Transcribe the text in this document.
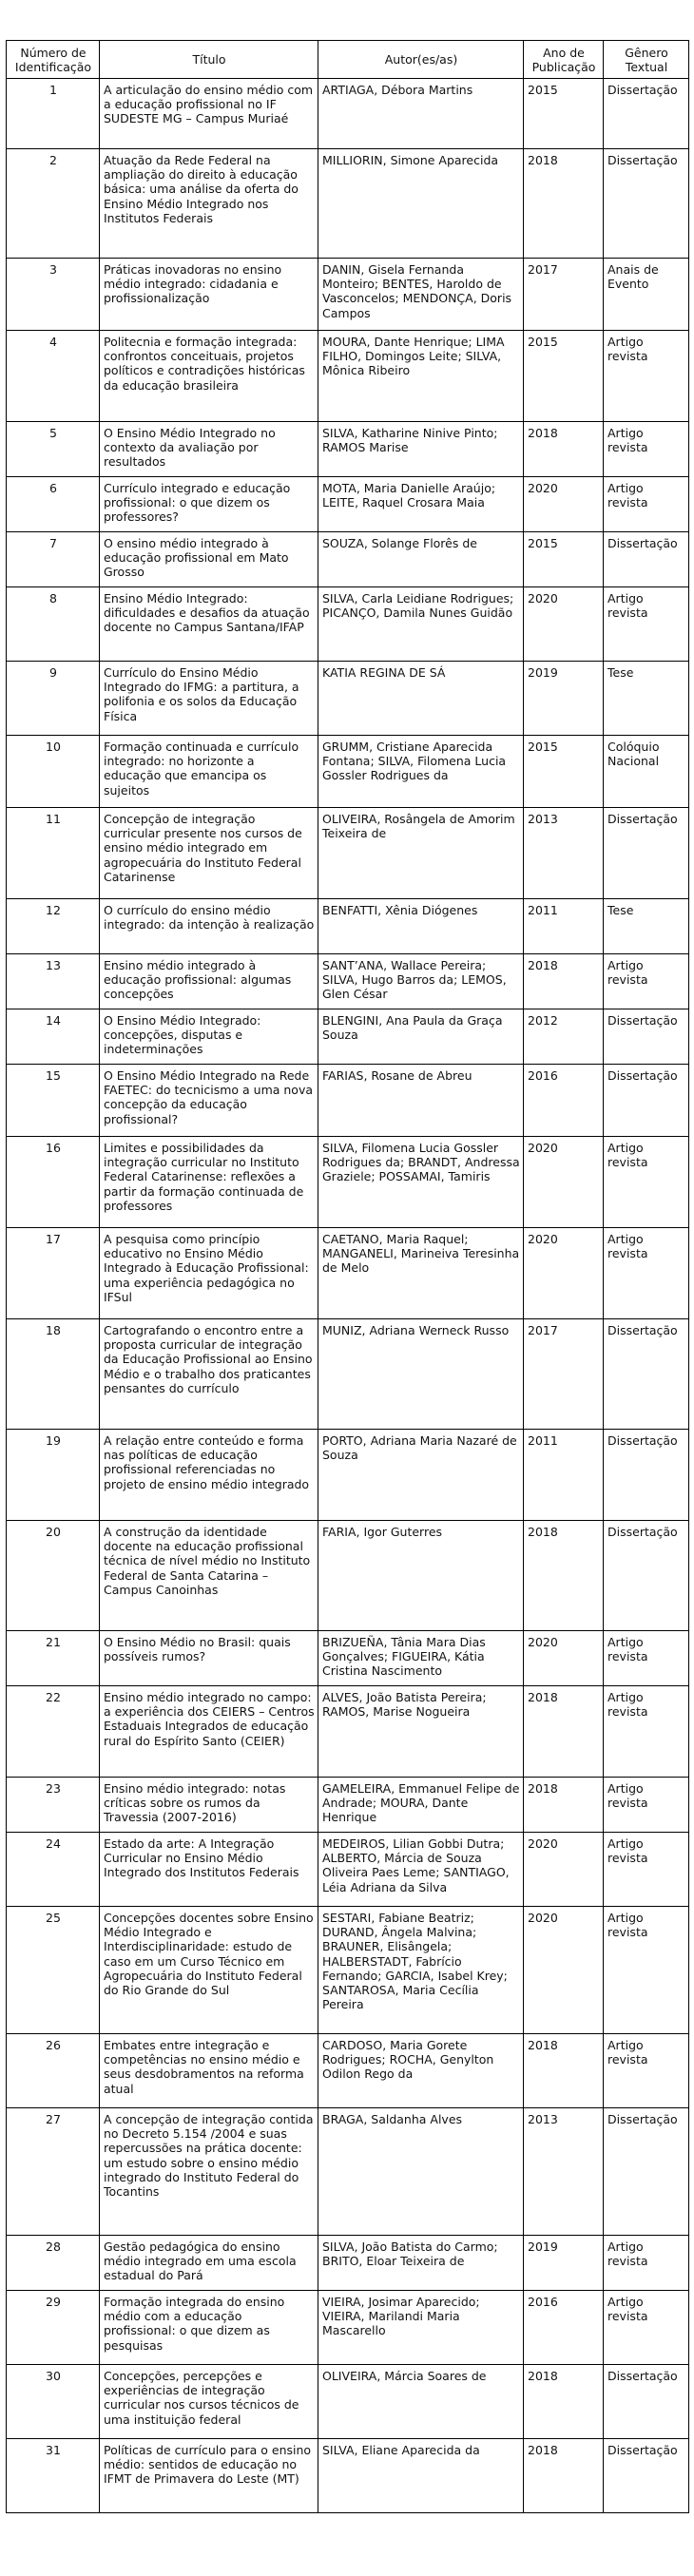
Número de Identificação	Título	Autor(es/as)	Ano de Publicação	Gênero Textual
1	A articulação do ensino médio com a educação profissional no IF SUDESTE MG – Campus Muriaé	ARTIAGA, Débora Martins	2015	Dissertação
2	Atuação da Rede Federal na ampliação do direito à educação básica: uma análise da oferta do Ensino Médio Integrado nos Institutos Federais	MILLIORIN, Simone Aparecida	2018	Dissertação
3	Práticas inovadoras no ensino médio integrado: cidadania e profissionalização	DANIN, Gisela Fernanda Monteiro; BENTES, Haroldo de Vasconcelos; MENDONÇA, Doris Campos	2017	Anais de Evento
4	Politecnia e formação integrada: confrontos conceituais, projetos políticos e contradições históricas da educação brasileira	MOURA, Dante Henrique; LIMA FILHO, Domingos Leite; SILVA, Mônica Ribeiro	2015	Artigo revista
5	O Ensino Médio Integrado no contexto da avaliação por resultados	SILVA, Katharine Ninive Pinto; RAMOS Marise	2018	Artigo revista
6	Currículo integrado e educação profissional: o que dizem os professores?	MOTA, Maria Danielle Araújo; LEITE, Raquel Crosara Maia	2020	Artigo revista
7	O ensino médio integrado à educação profissional em Mato Grosso	SOUZA, Solange Florês de	2015	Dissertação
8	Ensino Médio Integrado: dificuldades e desafios da atuação docente no Campus Santana/IFAP	SILVA, Carla Leidiane Rodrigues; PICANÇO, Damila Nunes Guidão	2020	Artigo revista
9	Currículo do Ensino Médio Integrado do IFMG: a partitura, a polifonia e os solos da Educação Física	KATIA REGINA DE SÁ	2019	Tese
10	Formação continuada e currículo integrado: no horizonte a educação que emancipa os sujeitos	GRUMM, Cristiane Aparecida Fontana; SILVA, Filomena Lucia Gossler Rodrigues da	2015	Colóquio Nacional
11	Concepção de integração curricular presente nos cursos de ensino médio integrado em agropecuária do Instituto Federal Catarinense	OLIVEIRA, Rosângela de Amorim Teixeira de	2013	Dissertação
12	O currículo do ensino médio integrado: da intenção à realização	BENFATTI, Xênia Diógenes	2011	Tese
13	Ensino médio integrado à educação profissional: algumas concepções	SANT’ANA, Wallace Pereira; SILVA, Hugo Barros da; LEMOS, Glen César	2018	Artigo revista
14	O Ensino Médio Integrado: concepções, disputas e indeterminações	BLENGINI, Ana Paula da Graça Souza	2012	Dissertação
15	O Ensino Médio Integrado na Rede FAETEC: do tecnicismo a uma nova concepção da educação profissional?	FARIAS, Rosane de Abreu	2016	Dissertação
16	Limites e possibilidades da integração curricular no Instituto Federal Catarinense: reflexões a partir da formação continuada de professores	SILVA, Filomena Lucia Gossler Rodrigues da; BRANDT, Andressa Graziele; POSSAMAI, Tamiris	2020	Artigo revista
17	A pesquisa como princípio educativo no Ensino Médio Integrado à Educação Profissional: uma experiência pedagógica no IFSul	CAETANO, Maria Raquel; MANGANELI, Marineiva Teresinha de Melo	2020	Artigo revista
18	Cartografando o encontro entre a proposta curricular de integração da Educação Profissional ao Ensino Médio e o trabalho dos praticantes pensantes do currículo	MUNIZ, Adriana Werneck Russo	2017	Dissertação
19	A relação entre conteúdo e forma nas políticas de educação profissional referenciadas no projeto de ensino médio integrado	PORTO, Adriana Maria Nazaré de Souza	2011	Dissertação
20	A construção da identidade docente na educação profissional técnica de nível médio no Instituto Federal de Santa Catarina – Campus Canoinhas	FARIA, Igor Guterres	2018	Dissertação
21	O Ensino Médio no Brasil: quais possíveis rumos?	BRIZUEÑA, Tânia Mara Dias Gonçalves; FIGUEIRA, Kátia Cristina Nascimento	2020	Artigo revista
22	Ensino médio integrado no campo: a experiência dos CEIERS – Centros Estaduais Integrados de educação rural do Espírito Santo (CEIER)	ALVES, João Batista Pereira; RAMOS, Marise Nogueira	2018	Artigo revista
23	Ensino médio integrado: notas críticas sobre os rumos da Travessia (2007-2016)	GAMELEIRA, Emmanuel Felipe de Andrade; MOURA, Dante Henrique	2018	Artigo revista
24	Estado da arte: A Integração Curricular no Ensino Médio Integrado dos Institutos Federais	MEDEIROS, Lilian Gobbi Dutra; ALBERTO, Márcia de Souza Oliveira Paes Leme; SANTIAGO, Léia Adriana da Silva	2020	Artigo revista
25	Concepções docentes sobre Ensino Médio Integrado e Interdisciplinaridade: estudo de caso em um Curso Técnico em Agropecuária do Instituto Federal do Rio Grande do Sul	SESTARI, Fabiane Beatriz; DURAND, Ângela Malvina; BRAUNER, Elisângela; HALBERSTADT, Fabrício Fernando; GARCIA, Isabel Krey; SANTAROSA, Maria Cecília Pereira	2020	Artigo revista
26	Embates entre integração e competências no ensino médio e seus desdobramentos na reforma atual	CARDOSO, Maria Gorete Rodrigues; ROCHA, Genylton Odilon Rego da	2018	Artigo revista
27	A concepção de integração contida no Decreto 5.154 /2004 e suas repercussões na prática docente: um estudo sobre o ensino médio integrado do Instituto Federal do Tocantins	BRAGA, Saldanha Alves	2013	Dissertação
28	Gestão pedagógica do ensino médio integrado em uma escola estadual do Pará	SILVA, João Batista do Carmo; BRITO, Eloar Teixeira de	2019	Artigo revista
29	Formação integrada do ensino médio com a educação profissional: o que dizem as pesquisas	VIEIRA, Josimar Aparecido; VIEIRA, Marilandi Maria Mascarello	2016	Artigo revista
30	Concepções, percepções e experiências de integração curricular nos cursos técnicos de uma instituição federal	OLIVEIRA, Márcia Soares de	2018	Dissertação
31	Políticas de currículo para o ensino médio: sentidos de educação no IFMT de Primavera do Leste (MT)	SILVA, Eliane Aparecida da	2018	Dissertação
